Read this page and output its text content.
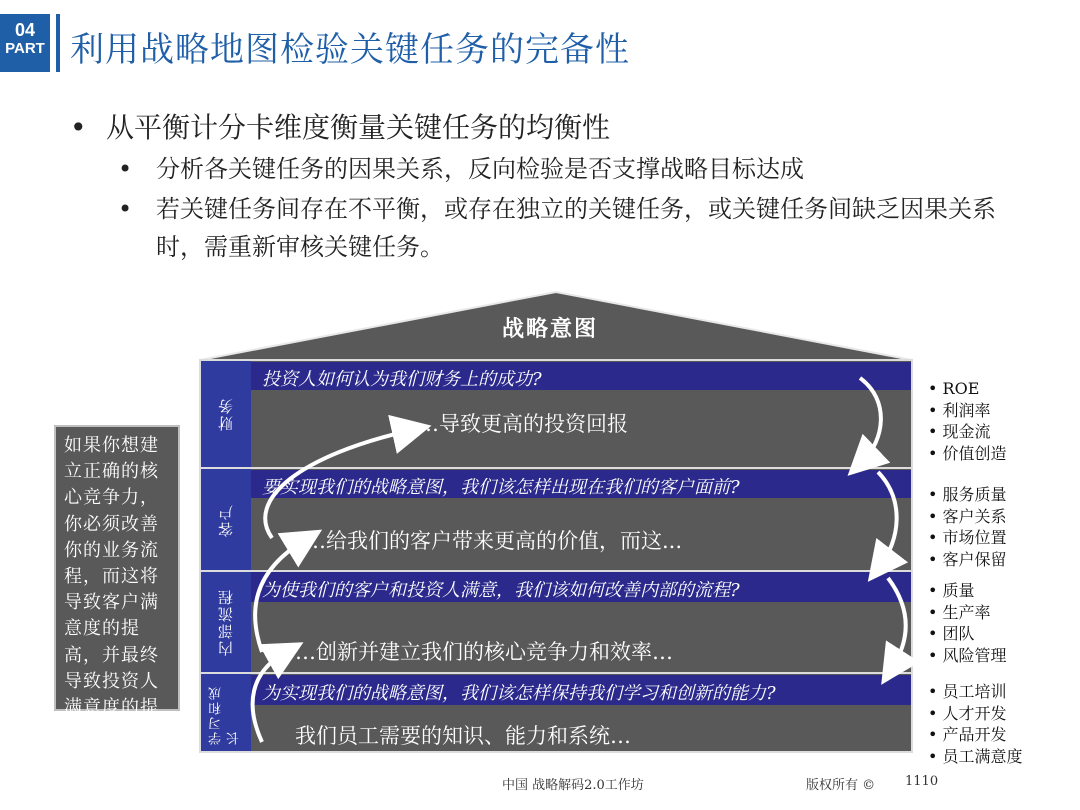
04
PART 利用战略地图检验关键任务的完备性
• 从平衡计分卡维度衡量关键任务的均衡性
• 分析各关键任务的因果关系，反向检验是否支撑战略目标达成
• 若关键任务间存在不平衡，或存在独立的关键任务，或关键任务间缺乏因果关系时，需重新审核关键任务。
战略意图
财务
客户
内部流程
学习和成长
投资人如何认为我们财务上的成功?
要实现我们的战略意图，我们该怎样出现在我们的客户面前?
为使我们的客户和投资人满意，我们该如何改善内部的流程?
为实现我们的战略意图，我们该怎样保持我们学习和创新的能力?
…导致更高的投资回报
…给我们的客户带来更高的价值，而这...
…创新并建立我们的核心竞争力和效率…
我们员工需要的知识、能力和系统…
如果你想建立正确的核心竞争力，你必须改善你的业务流程，而这将导致客户满意度的提高，并最终导致投资人满意度的提高
• ROE
• 利润率
• 现金流
• 价值创造
• 服务质量
• 客户关系
• 市场位置
• 客户保留
• 质量
• 生产率
• 团队
• 风险管理
• 员工培训
• 人才开发
• 产品开发
• 员工满意度
中国 战略解码2.0工作坊	版权所有 © 1110
